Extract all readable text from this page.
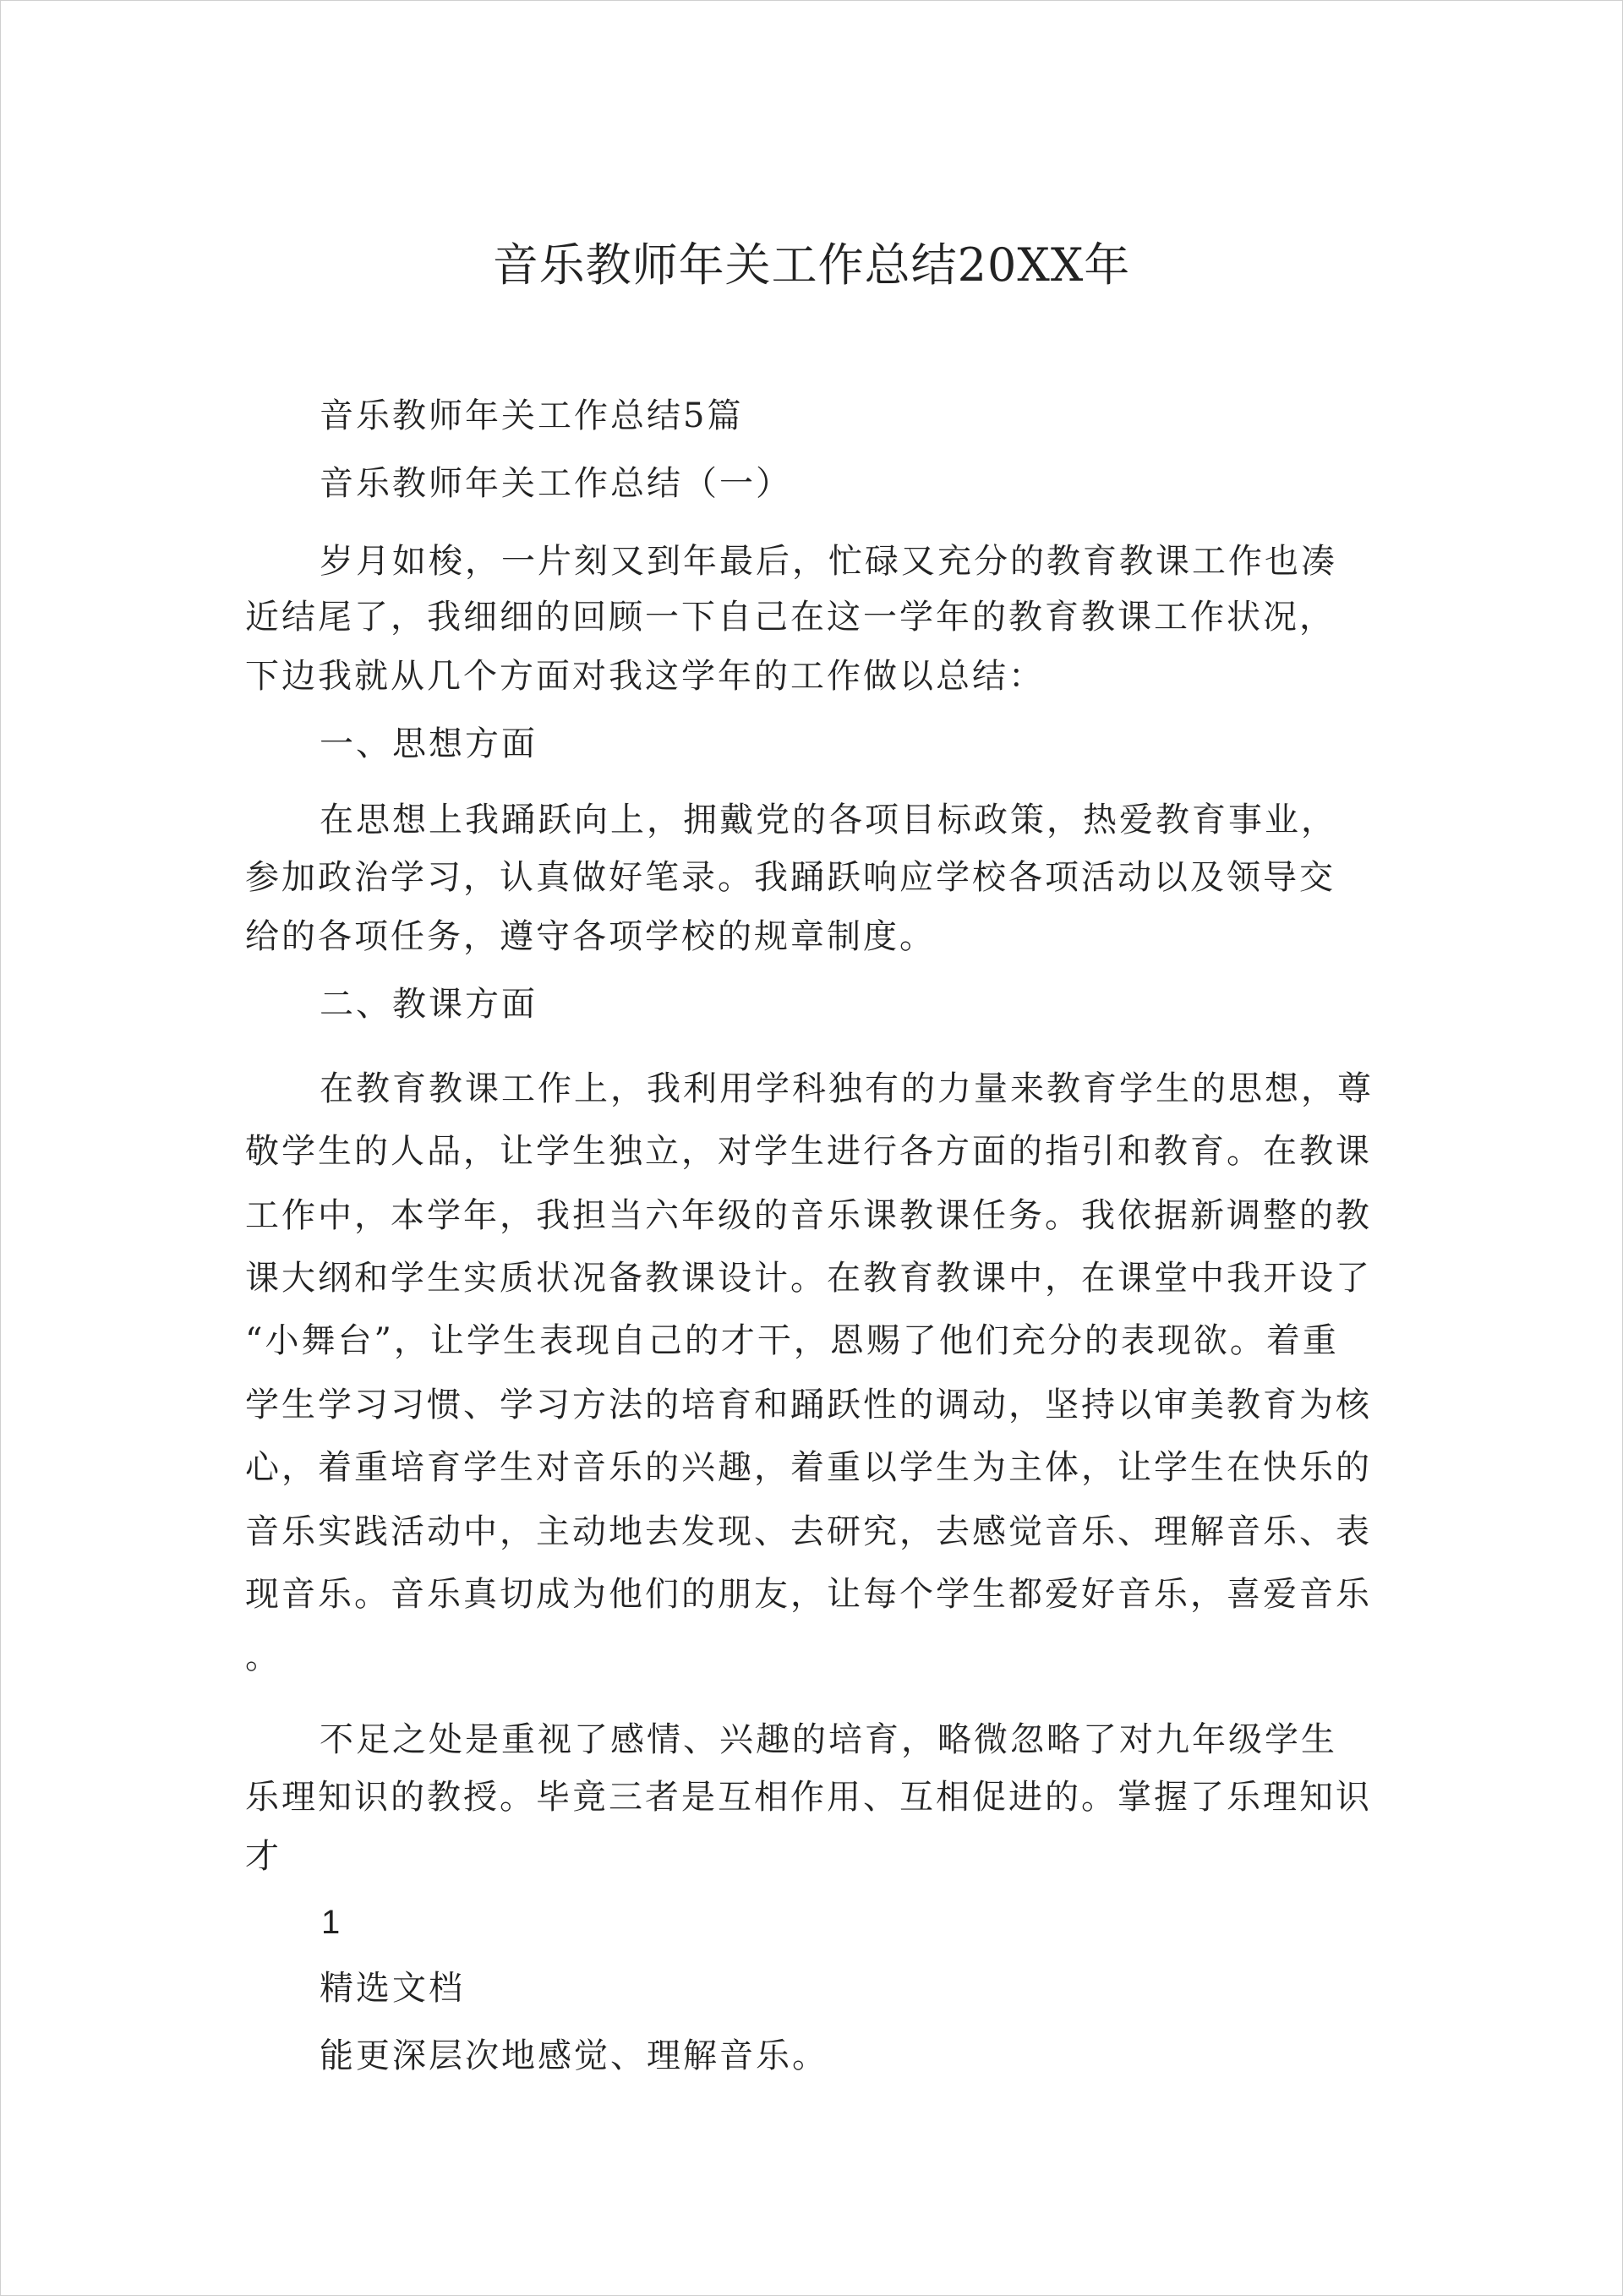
音乐教师年关工作总结20XX年
音乐教师年关工作总结5篇
音乐教师年关工作总结（一）
岁月如梭，一片刻又到年最后，忙碌又充分的教育教课工作也凑
近结尾了，我细细的回顾一下自己在这一学年的教育教课工作状况，
下边我就从几个方面对我这学年的工作做以总结：
一、思想方面
在思想上我踊跃向上，拥戴党的各项目标政策，热爱教育事业，
参加政治学习，认真做好笔录。我踊跃响应学校各项活动以及领导交
给的各项任务，遵守各项学校的规章制度。
二、教课方面
在教育教课工作上，我利用学科独有的力量来教育学生的思想，尊
敬学生的人品，让学生独立，对学生进行各方面的指引和教育。在教课
工作中，本学年，我担当六年级的音乐课教课任务。我依据新调整的教
课大纲和学生实质状况备教课设计。在教育教课中，在课堂中我开设了
“小舞台”，让学生表现自己的才干，恩赐了他们充分的表现欲。着重
学生学习习惯、学习方法的培育和踊跃性的调动，坚持以审美教育为核
心，着重培育学生对音乐的兴趣，着重以学生为主体，让学生在快乐的
音乐实践活动中，主动地去发现、去研究，去感觉音乐、理解音乐、表
现音乐。音乐真切成为他们的朋友，让每个学生都爱好音乐，喜爱音乐
。
不足之处是重视了感情、兴趣的培育，略微忽略了对九年级学生
乐理知识的教授。毕竟三者是互相作用、互相促进的。掌握了乐理知识
才
1
精选文档
能更深层次地感觉、理解音乐。
